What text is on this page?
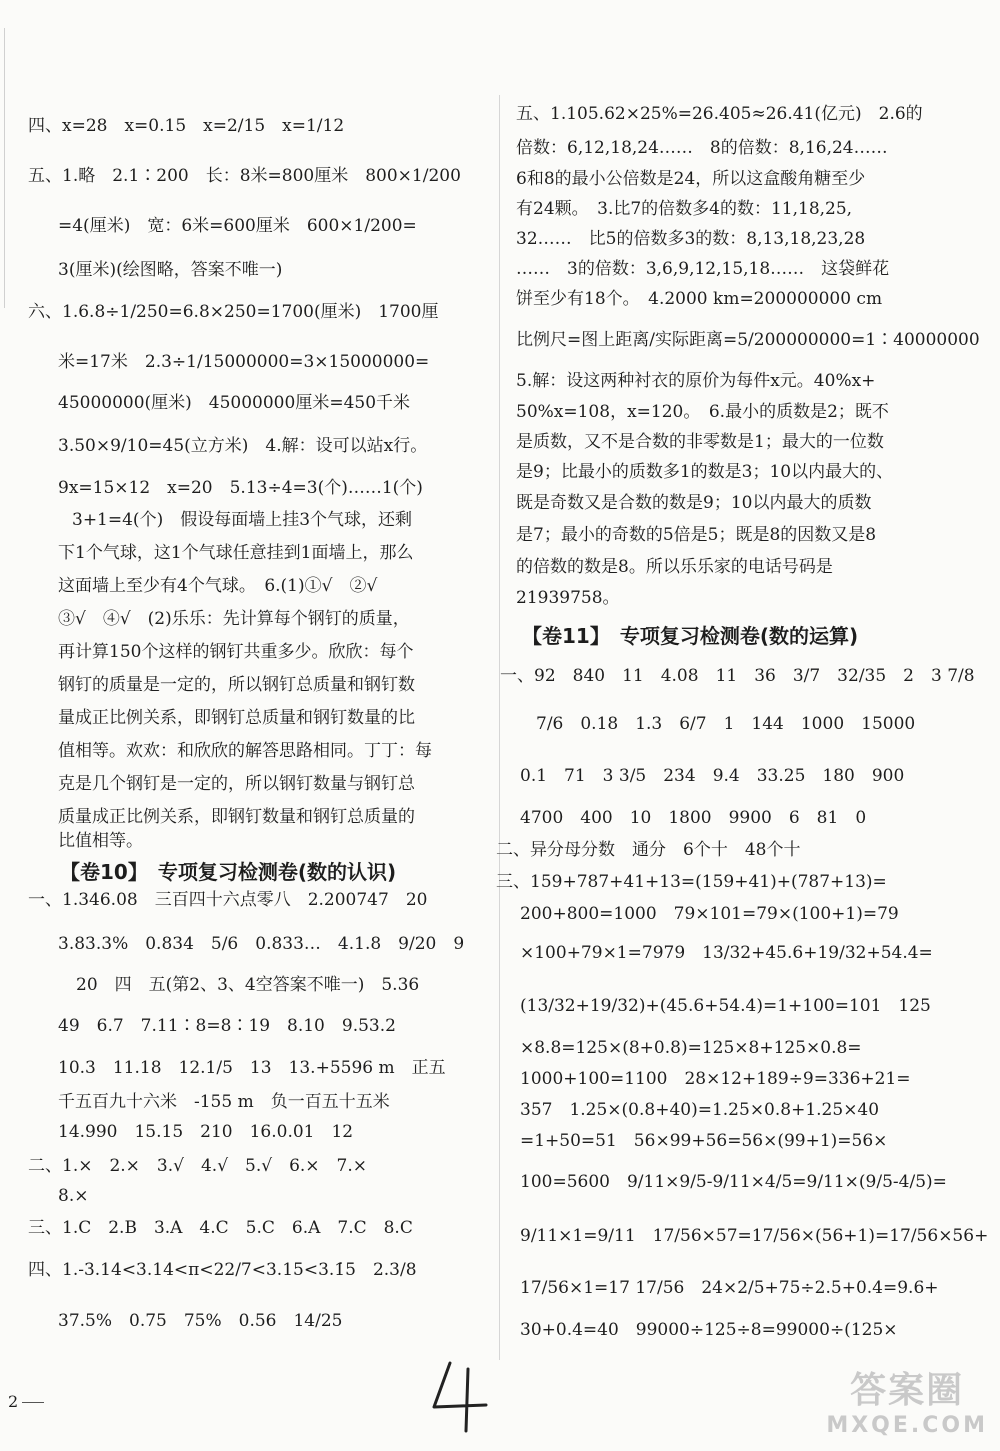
四、x=28　x=0.15　x=2/15　x=1/12
五、1.略　2.1∶200　长：8米=800厘米　800×1/200
=4(厘米)　宽：6米=600厘米　600×1/200=
3(厘米)(绘图略，答案不唯一)
六、1.6.8÷1/250=6.8×250=1700(厘米)　1700厘
米=17米　2.3÷1/15000000=3×15000000=
45000000(厘米)　45000000厘米=450千米
3.50×9/10=45(立方米)　4.解：设可以站x行。
9x=15×12　x=20　5.13÷4=3(个)……1(个)
3+1=4(个)　假设每面墙上挂3个气球，还剩
下1个气球，这1个气球任意挂到1面墙上，那么
这面墙上至少有4个气球。　6.(1)①√　②√
③√　④√　(2)乐乐：先计算每个钢钉的质量，
再计算150个这样的钢钉共重多少。欣欣：每个
钢钉的质量是一定的，所以钢钉总质量和钢钉数
量成正比例关系，即钢钉总质量和钢钉数量的比
值相等。欢欢：和欣欣的解答思路相同。丁丁：每
克是几个钢钉是一定的，所以钢钉数量与钢钉总
质量成正比例关系，即钢钉数量和钢钉总质量的
比值相等。
【卷10】　专项复习检测卷(数的认识)
一、1.346.08　三百四十六点零八　2.200747　20
3.83.3%　0.834　5/6　0.833…　4.1.8　9/20　9
20　四　五(第2、3、4空答案不唯一)　5.36
49　6.7　7.11∶8=8∶19　8.10　9.53.2
10.3　11.18　12.1/5　13　13.+5596 m　正五
千五百九十六米　-155 m　负一百五十五米
14.990　15.15　210　16.0.01　12
二、1.×　2.×　3.√　4.√　5.√　6.×　7.×
8.×
三、1.C　2.B　3.A　4.C　5.C　6.A　7.C　8.C
四、1.-3.14<3.14<π<22/7<3.15<3.1̇5　2.3/8
37.5%　0.75　75%　0.56　14/25
五、1.105.62×25%=26.405≈26.41(亿元)　2.6的
倍数：6,12,18,24……　8的倍数：8,16,24……
6和8的最小公倍数是24，所以这盒酸角糖至少
有24颗。　3.比7的倍数多4的数：11,18,25,
32……　比5的倍数多3的数：8,13,18,23,28
……　3的倍数：3,6,9,12,15,18……　这袋鲜花
饼至少有18个。　4.2000 km=200000000 cm
比例尺=图上距离/实际距离=5/200000000=1∶40000000
5.解：设这两种衬衣的原价为每件x元。40%x+
50%x=108，x=120。　6.最小的质数是2；既不
是质数，又不是合数的非零数是1；最大的一位数
是9；比最小的质数多1的数是3；10以内最大的、
既是奇数又是合数的数是9；10以内最大的质数
是7；最小的奇数的5倍是5；既是8的因数又是8
的倍数的数是8。所以乐乐家的电话号码是
21939758。
【卷11】　专项复习检测卷(数的运算)
一、92　840　11　4.08　11　36　3/7　32/35　2　3 7/8
7/6　0.18　1.3　6/7　1　144　1000　15000
0.1　71　3 3/5　234　9.4　33.25　180　900
4700　400　10　1800　9900　6　81　0
二、异分母分数　通分　6个十　48个十
三、159+787+41+13=(159+41)+(787+13)=
200+800=1000　79×101=79×(100+1)=79
×100+79×1=7979　13/32+45.6+19/32+54.4=
(13/32+19/32)+(45.6+54.4)=1+100=101　125
×8.8=125×(8+0.8)=125×8+125×0.8=
1000+100=1100　28×12+189÷9=336+21=
357　1.25×(0.8+40)=1.25×0.8+1.25×40
=1+50=51　56×99+56=56×(99+1)=56×
100=5600　9/11×9/5-9/11×4/5=9/11×(9/5-4/5)=
9/11×1=9/11　17/56×57=17/56×(56+1)=17/56×56+
17/56×1=17 17/56　24×2/5+75÷2.5+0.4=9.6+
30+0.4=40　99000÷125÷8=99000÷(125×
2	答案圈
MXQE.COM
